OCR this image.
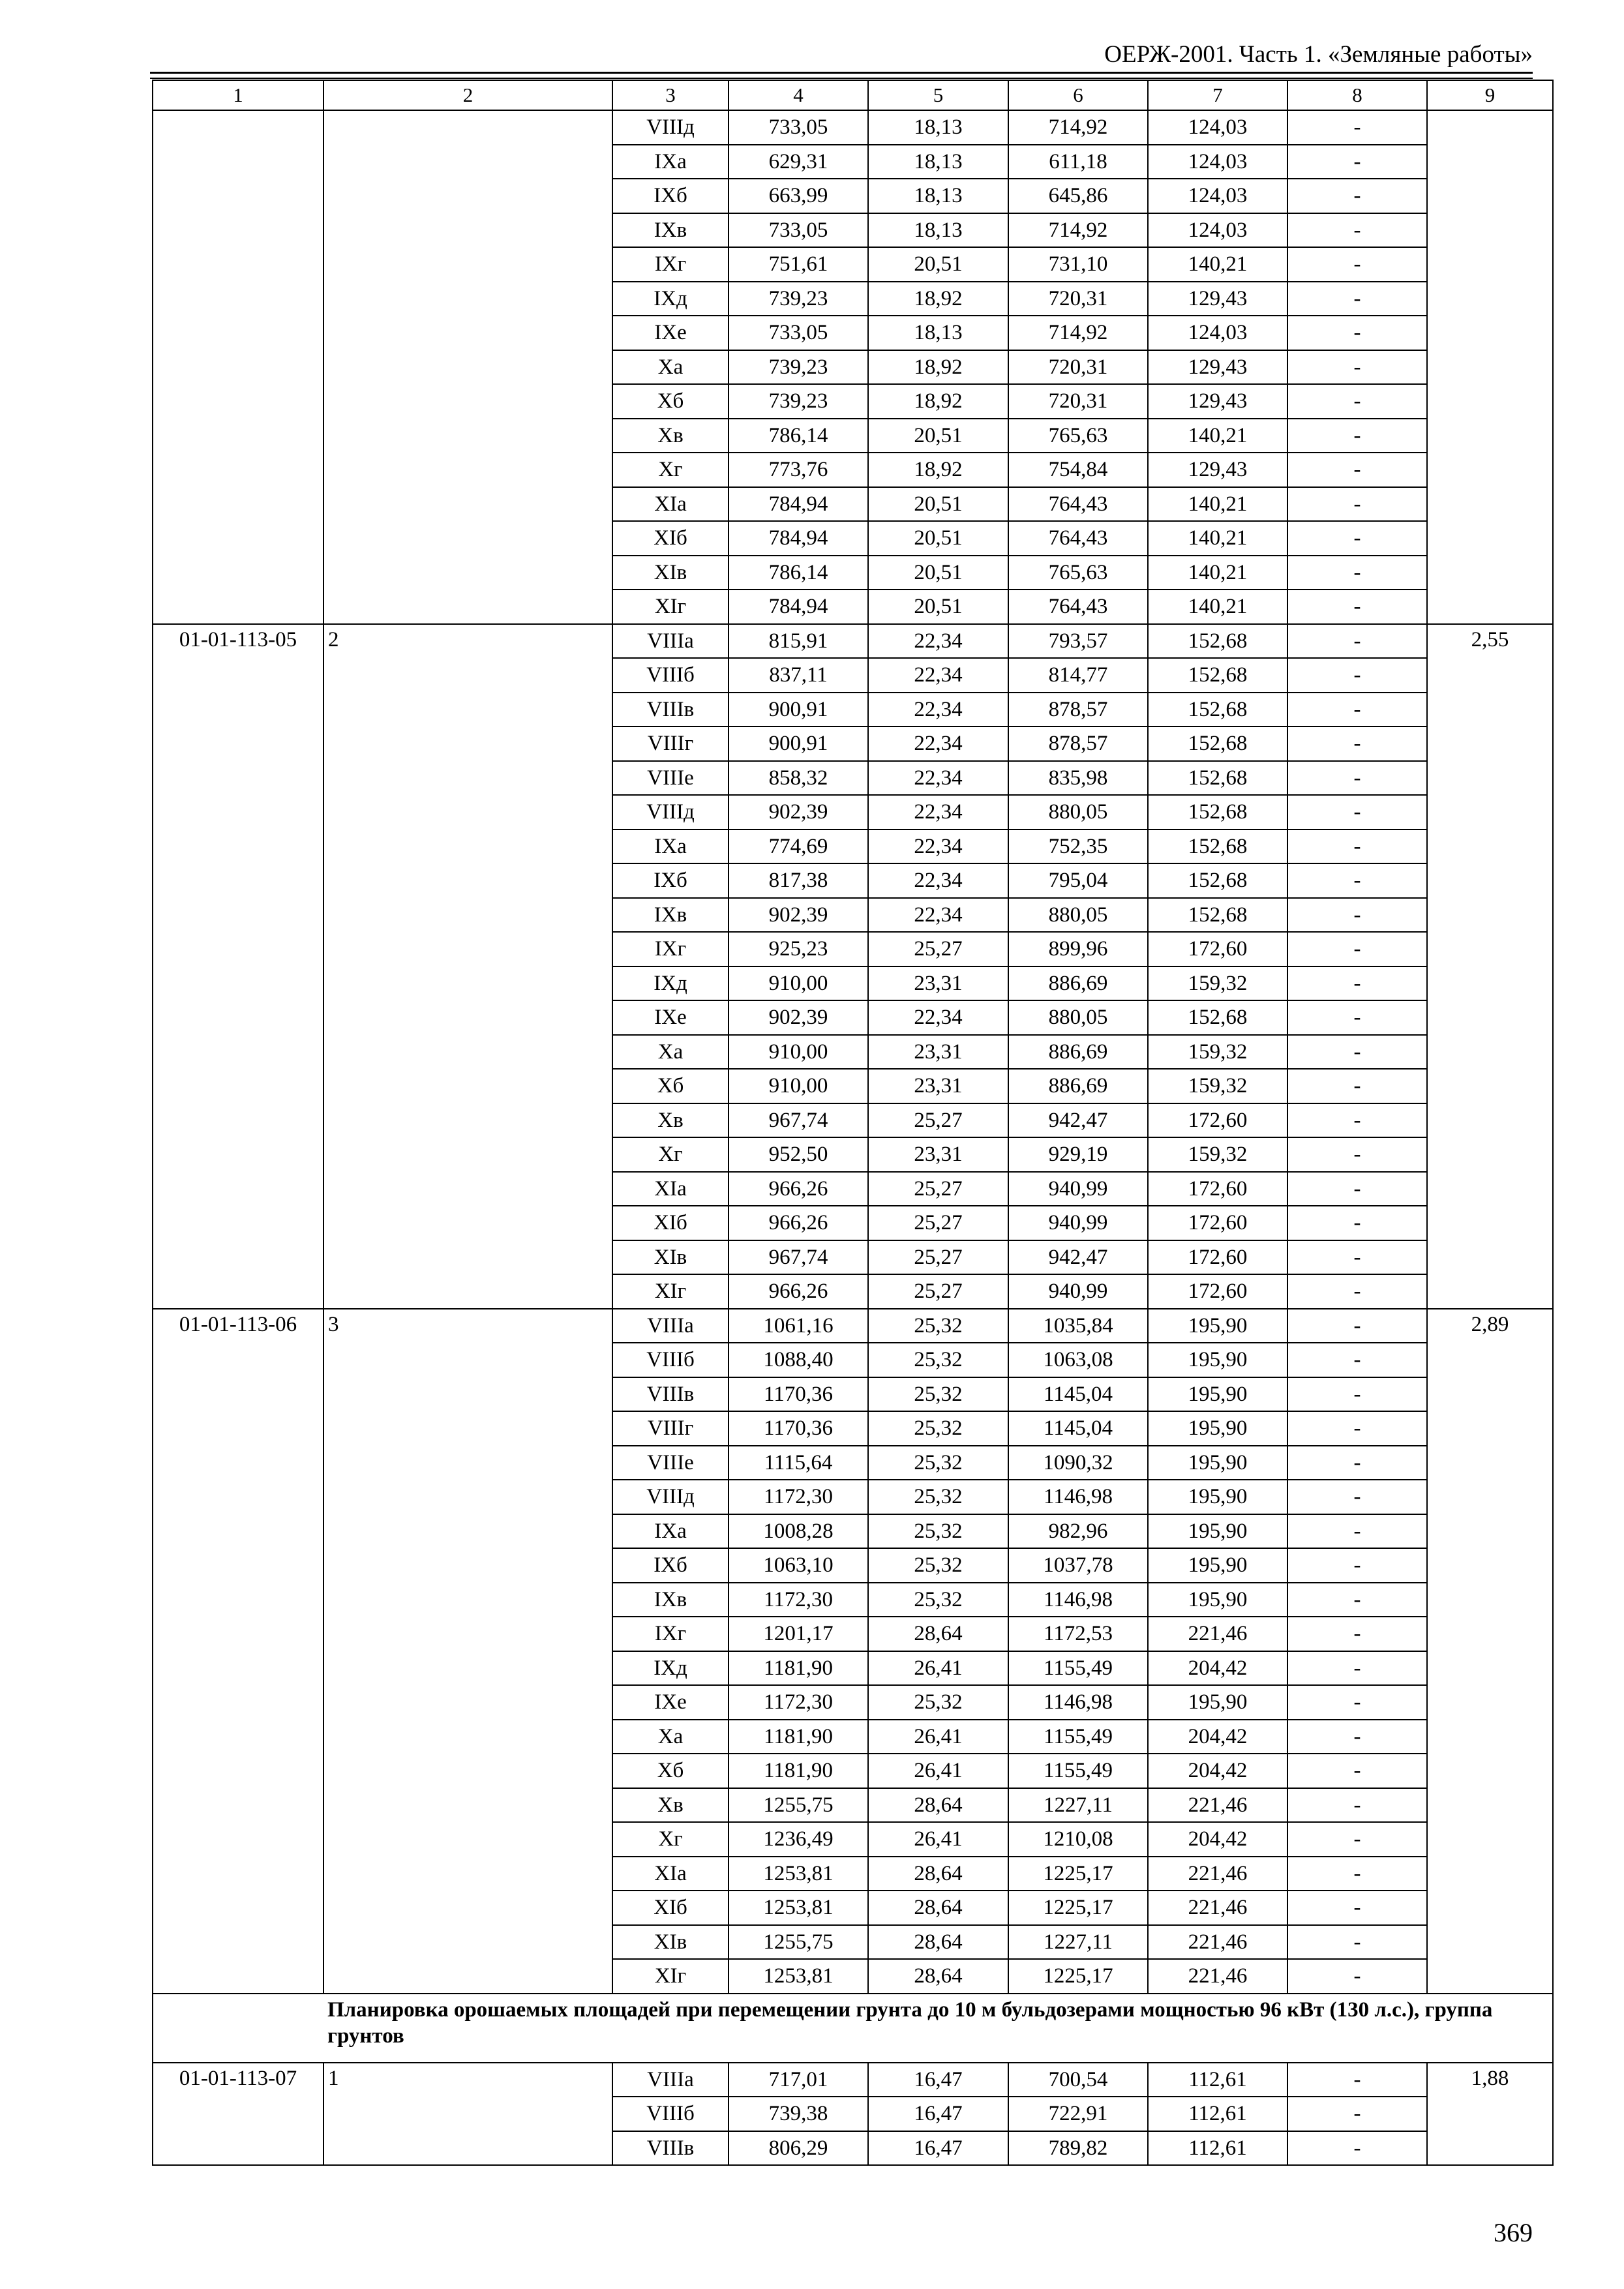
ОЕРЖ-2001. Часть 1. «Земляные работы»
1	2	3	4	5	6	7	8	9
		VIIIд	733,05	18,13	714,92	124,03	-	
		IXа	629,31	18,13	611,18	124,03	-	
		IXб	663,99	18,13	645,86	124,03	-	
		IXв	733,05	18,13	714,92	124,03	-	
		IXг	751,61	20,51	731,10	140,21	-	
		IXд	739,23	18,92	720,31	129,43	-	
		IXе	733,05	18,13	714,92	124,03	-	
		Xа	739,23	18,92	720,31	129,43	-	
		Xб	739,23	18,92	720,31	129,43	-	
		Xв	786,14	20,51	765,63	140,21	-	
		Xг	773,76	18,92	754,84	129,43	-	
		XIа	784,94	20,51	764,43	140,21	-	
		XIб	784,94	20,51	764,43	140,21	-	
		XIв	786,14	20,51	765,63	140,21	-	
		XIг	784,94	20,51	764,43	140,21	-	
01-01-113-05	2	VIIIа	815,91	22,34	793,57	152,68	-	2,55
		VIIIб	837,11	22,34	814,77	152,68	-	
		VIIIв	900,91	22,34	878,57	152,68	-	
		VIIIг	900,91	22,34	878,57	152,68	-	
		VIIIе	858,32	22,34	835,98	152,68	-	
		VIIIд	902,39	22,34	880,05	152,68	-	
		IXа	774,69	22,34	752,35	152,68	-	
		IXб	817,38	22,34	795,04	152,68	-	
		IXв	902,39	22,34	880,05	152,68	-	
		IXг	925,23	25,27	899,96	172,60	-	
		IXд	910,00	23,31	886,69	159,32	-	
		IXе	902,39	22,34	880,05	152,68	-	
		Xа	910,00	23,31	886,69	159,32	-	
		Xб	910,00	23,31	886,69	159,32	-	
		Xв	967,74	25,27	942,47	172,60	-	
		Xг	952,50	23,31	929,19	159,32	-	
		XIа	966,26	25,27	940,99	172,60	-	
		XIб	966,26	25,27	940,99	172,60	-	
		XIв	967,74	25,27	942,47	172,60	-	
		XIг	966,26	25,27	940,99	172,60	-	
01-01-113-06	3	VIIIа	1061,16	25,32	1035,84	195,90	-	2,89
		VIIIб	1088,40	25,32	1063,08	195,90	-	
		VIIIв	1170,36	25,32	1145,04	195,90	-	
		VIIIг	1170,36	25,32	1145,04	195,90	-	
		VIIIе	1115,64	25,32	1090,32	195,90	-	
		VIIIд	1172,30	25,32	1146,98	195,90	-	
		IXа	1008,28	25,32	982,96	195,90	-	
		IXб	1063,10	25,32	1037,78	195,90	-	
		IXв	1172,30	25,32	1146,98	195,90	-	
		IXг	1201,17	28,64	1172,53	221,46	-	
		IXд	1181,90	26,41	1155,49	204,42	-	
		IXе	1172,30	25,32	1146,98	195,90	-	
		Xа	1181,90	26,41	1155,49	204,42	-	
		Xб	1181,90	26,41	1155,49	204,42	-	
		Xв	1255,75	28,64	1227,11	221,46	-	
		Xг	1236,49	26,41	1210,08	204,42	-	
		XIа	1253,81	28,64	1225,17	221,46	-	
		XIб	1253,81	28,64	1225,17	221,46	-	
		XIв	1255,75	28,64	1227,11	221,46	-	
		XIг	1253,81	28,64	1225,17	221,46	-	
	Планировка орошаемых площадей при перемещении грунта до 10 м бульдозерами мощностью 96 кВт (130 л.с.), группа грунтов							
01-01-113-07	1	VIIIа	717,01	16,47	700,54	112,61	-	1,88
		VIIIб	739,38	16,47	722,91	112,61	-	
		VIIIв	806,29	16,47	789,82	112,61	-	
369
